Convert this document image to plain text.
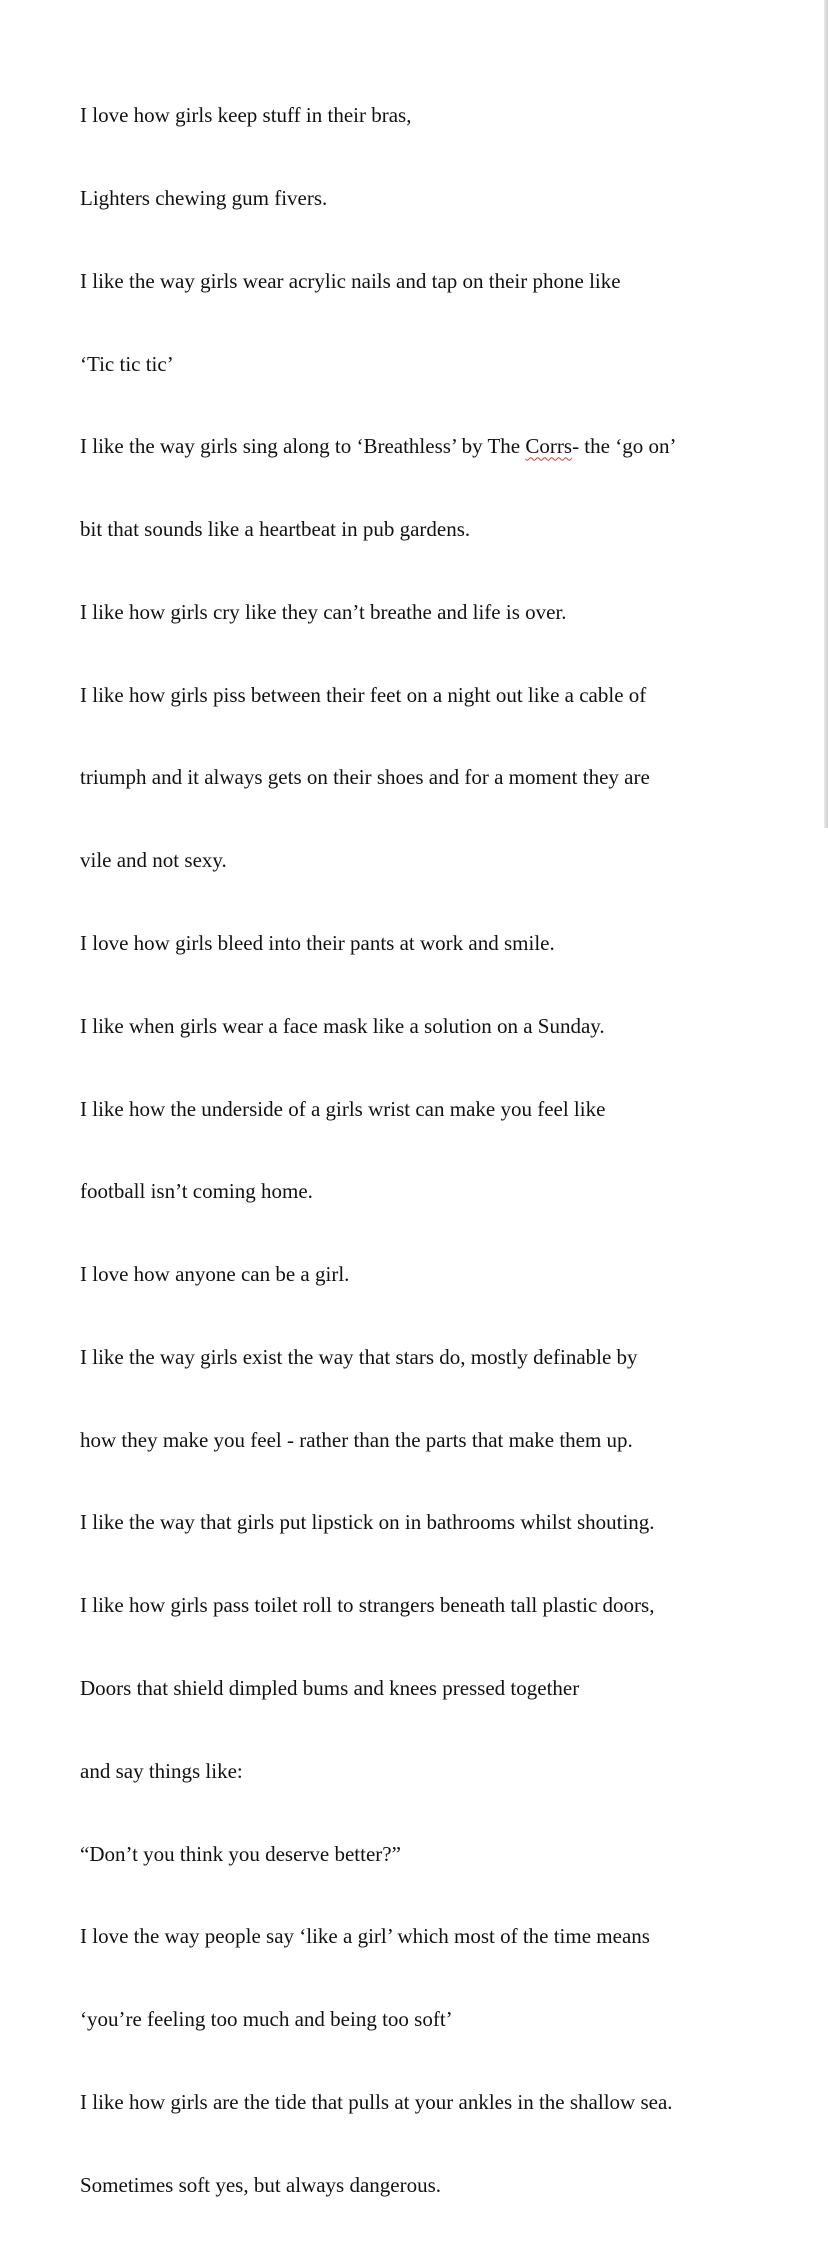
I love how girls keep stuff in their bras,

Lighters chewing gum fivers.

I like the way girls wear acrylic nails and tap on their phone like

‘Tic tic tic’

I like the way girls sing along to ‘Breathless’ by The Corrs- the ‘go on’

bit that sounds like a heartbeat in pub gardens.

I like how girls cry like they can’t breathe and life is over.

I like how girls piss between their feet on a night out like a cable of

triumph and it always gets on their shoes and for a moment they are

vile and not sexy.

I love how girls bleed into their pants at work and smile.

I like when girls wear a face mask like a solution on a Sunday.

I like how the underside of a girls wrist can make you feel like

football isn’t coming home.

I love how anyone can be a girl.

I like the way girls exist the way that stars do, mostly definable by

how they make you feel - rather than the parts that make them up.

I like the way that girls put lipstick on in bathrooms whilst shouting.

I like how girls pass toilet roll to strangers beneath tall plastic doors,

Doors that shield dimpled bums and knees pressed together

and say things like:

“Don’t you think you deserve better?”

I love the way people say ‘like a girl’ which most of the time means

‘you’re feeling too much and being too soft’

I like how girls are the tide that pulls at your ankles in the shallow sea.

Sometimes soft yes, but always dangerous.
